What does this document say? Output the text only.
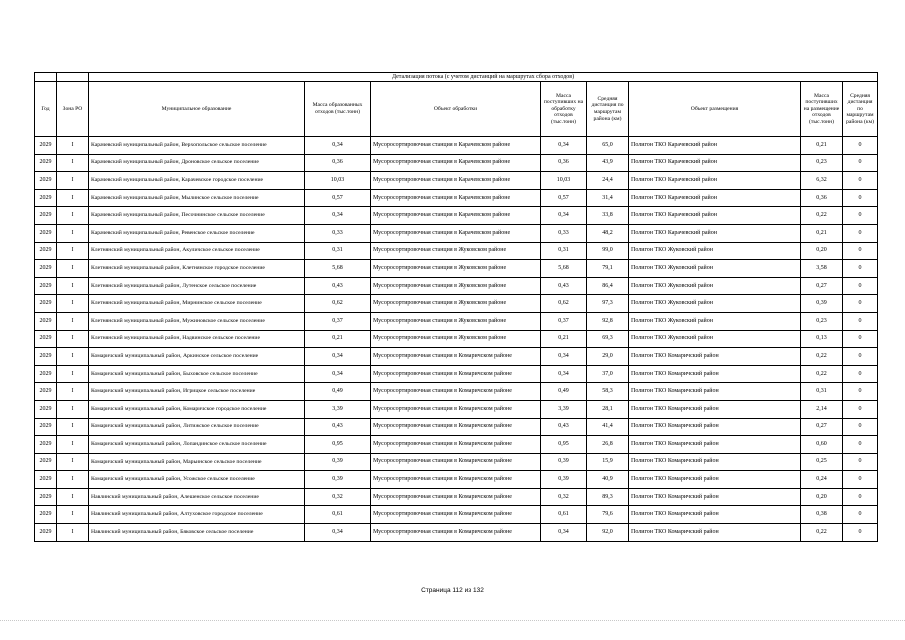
		Детализация потока (с учетом дистанций на маршрутах сбора отходов)							
Год	Зона РО	Муниципальное образование	Масса образованных отходов (тыс.тонн)	Объект обработки	Масса поступивших на обработку отходов (тыс.тонн)	Средняя дистанция по маршрутам района (км)	Объект размещения	Масса поступивших на размещение отходов (тыс.тонн)	Средняя дистанция по маршрутам района (км)
2029	I	Карачевский муниципальный район, Верхопольское сельское поселение	0,34	Мусоросортировочная станция в Карачевском районе	0,34	65,0	Полигон ТКО Карачевский район	0,21	0
2029	I	Карачевский муниципальный район, Дроновское сельское поселение	0,36	Мусоросортировочная станция в Карачевском районе	0,36	43,9	Полигон ТКО Карачевский район	0,23	0
2029	I	Карачевский муниципальный район, Карачевское городское поселение	10,03	Мусоросортировочная станция в Карачевском районе	10,03	24,4	Полигон ТКО Карачевский район	6,32	0
2029	I	Карачевский муниципальный район, Мылинское сельское поселение	0,57	Мусоросортировочная станция в Карачевском районе	0,57	31,4	Полигон ТКО Карачевский район	0,36	0
2029	I	Карачевский муниципальный район, Песочнинское сельское поселение	0,34	Мусоросортировочная станция в Карачевском районе	0,34	33,8	Полигон ТКО Карачевский район	0,22	0
2029	I	Карачевский муниципальный район, Ревенское сельское поселение	0,33	Мусоросортировочная станция в Карачевском районе	0,33	48,2	Полигон ТКО Карачевский район	0,21	0
2029	I	Клетнянский муниципальный район, Акуличское сельское поселение	0,31	Мусоросортировочная станция в Жуковском районе	0,31	99,0	Полигон ТКО Жуковский район	0,20	0
2029	I	Клетнянский муниципальный район, Клетнянское городское поселение	5,68	Мусоросортировочная станция в Жуковском районе	5,68	79,1	Полигон ТКО Жуковский район	3,58	0
2029	I	Клетнянский муниципальный район, Лутенское сельское поселение	0,43	Мусоросортировочная станция в Жуковском районе	0,43	86,4	Полигон ТКО Жуковский район	0,27	0
2029	I	Клетнянский муниципальный район, Мирнинское сельское поселение	0,62	Мусоросортировочная станция в Жуковском районе	0,62	97,3	Полигон ТКО Жуковский район	0,39	0
2029	I	Клетнянский муниципальный район, Мужиновское сельское поселение	0,37	Мусоросортировочная станция в Жуковском районе	0,37	92,8	Полигон ТКО Жуковский район	0,23	0
2029	I	Клетнянский муниципальный район, Надвинское сельское поселение	0,21	Мусоросортировочная станция в Жуковском районе	0,21	69,3	Полигон ТКО Жуковский район	0,13	0
2029	I	Комаричский муниципальный район, Аркинское сельское поселение	0,34	Мусоросортировочная станция в Комаричском районе	0,34	29,0	Полигон ТКО Комаричский район	0,22	0
2029	I	Комаричский муниципальный район, Быховское сельское поселение	0,34	Мусоросортировочная станция в Комаричском районе	0,34	37,0	Полигон ТКО Комаричский район	0,22	0
2029	I	Комаричский муниципальный район, Игрицкое сельское поселение	0,49	Мусоросортировочная станция в Комаричском районе	0,49	58,3	Полигон ТКО Комаричский район	0,31	0
2029	I	Комаричский муниципальный район, Комаричское городское поселение	3,39	Мусоросортировочная станция в Комаричском районе	3,39	28,1	Полигон ТКО Комаричский район	2,14	0
2029	I	Комаричский муниципальный район, Литижское сельское поселение	0,43	Мусоросортировочная станция в Комаричском районе	0,43	41,4	Полигон ТКО Комаричский район	0,27	0
2029	I	Комаричский муниципальный район, Лопандинское сельское поселение	0,95	Мусоросортировочная станция в Комаричском районе	0,95	26,8	Полигон ТКО Комаричский район	0,60	0
2029	I	Комаричский муниципальный район, Марьинское сельское поселение	0,39	Мусоросортировочная станция в Комаричском районе	0,39	15,9	Полигон ТКО Комаричский район	0,25	0
2029	I	Комаричский муниципальный район, Усожское сельское поселение	0,39	Мусоросортировочная станция в Комаричском районе	0,39	40,9	Полигон ТКО Комаричский район	0,24	0
2029	I	Навлинский муниципальный район, Алешенское сельское поселение	0,32	Мусоросортировочная станция в Комаричском районе	0,32	89,3	Полигон ТКО Комаричский район	0,20	0
2029	I	Навлинский муниципальный район, Алтуховское городское поселение	0,61	Мусоросортировочная станция в Комаричском районе	0,61	79,6	Полигон ТКО Комаричский район	0,38	0
2029	I	Навлинский муниципальный район, Бяковское сельское поселение	0,34	Мусоросортировочная станция в Комаричском районе	0,34	92,0	Полигон ТКО Комаричский район	0,22	0
Страница 112 из 132
